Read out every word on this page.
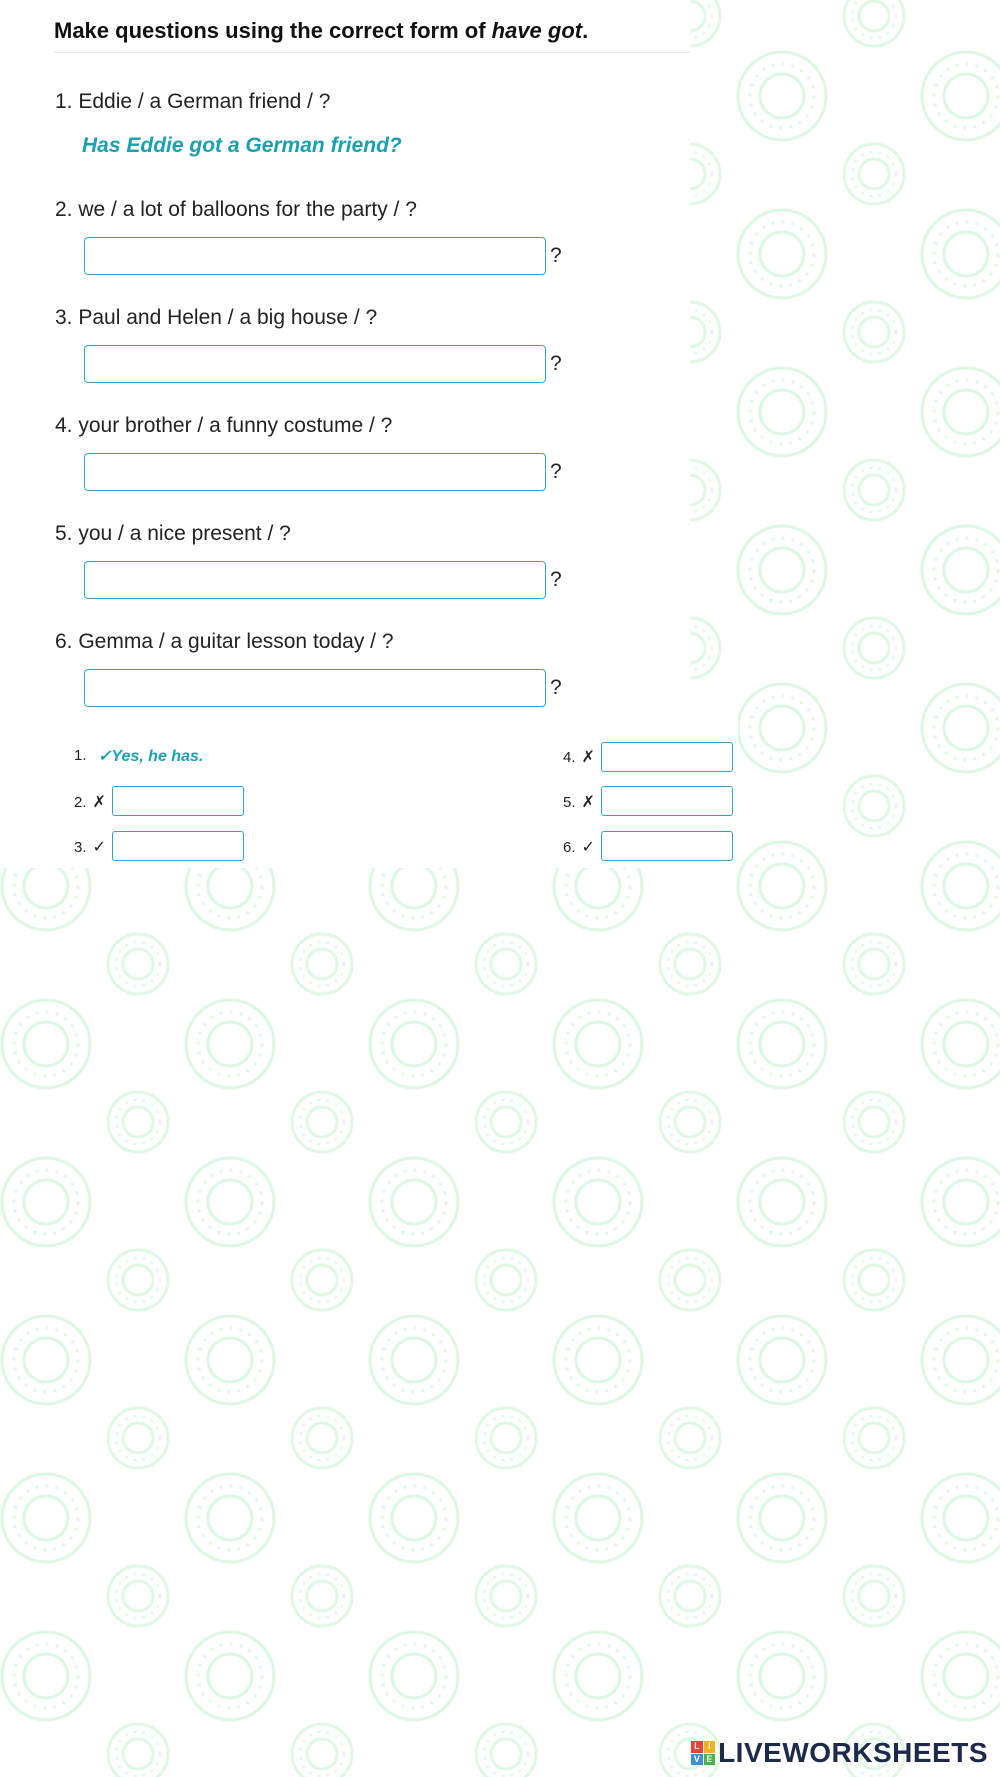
Make questions using the correct form of have got.
1. Eddie / a German friend / ?
Has Eddie got a German friend?
2. we / a lot of balloons for the party / ?
?
3. Paul and Helen / a big house / ?
?
4. your brother / a funny costume / ?
?
5. you / a nice present / ?
?
6. Gemma / a guitar lesson today / ?
?
1. ✓Yes, he has.
2. ✗
3. ✓
4. ✗
5. ✗
6. ✓
L I
V E LIVEWORKSHEETS
